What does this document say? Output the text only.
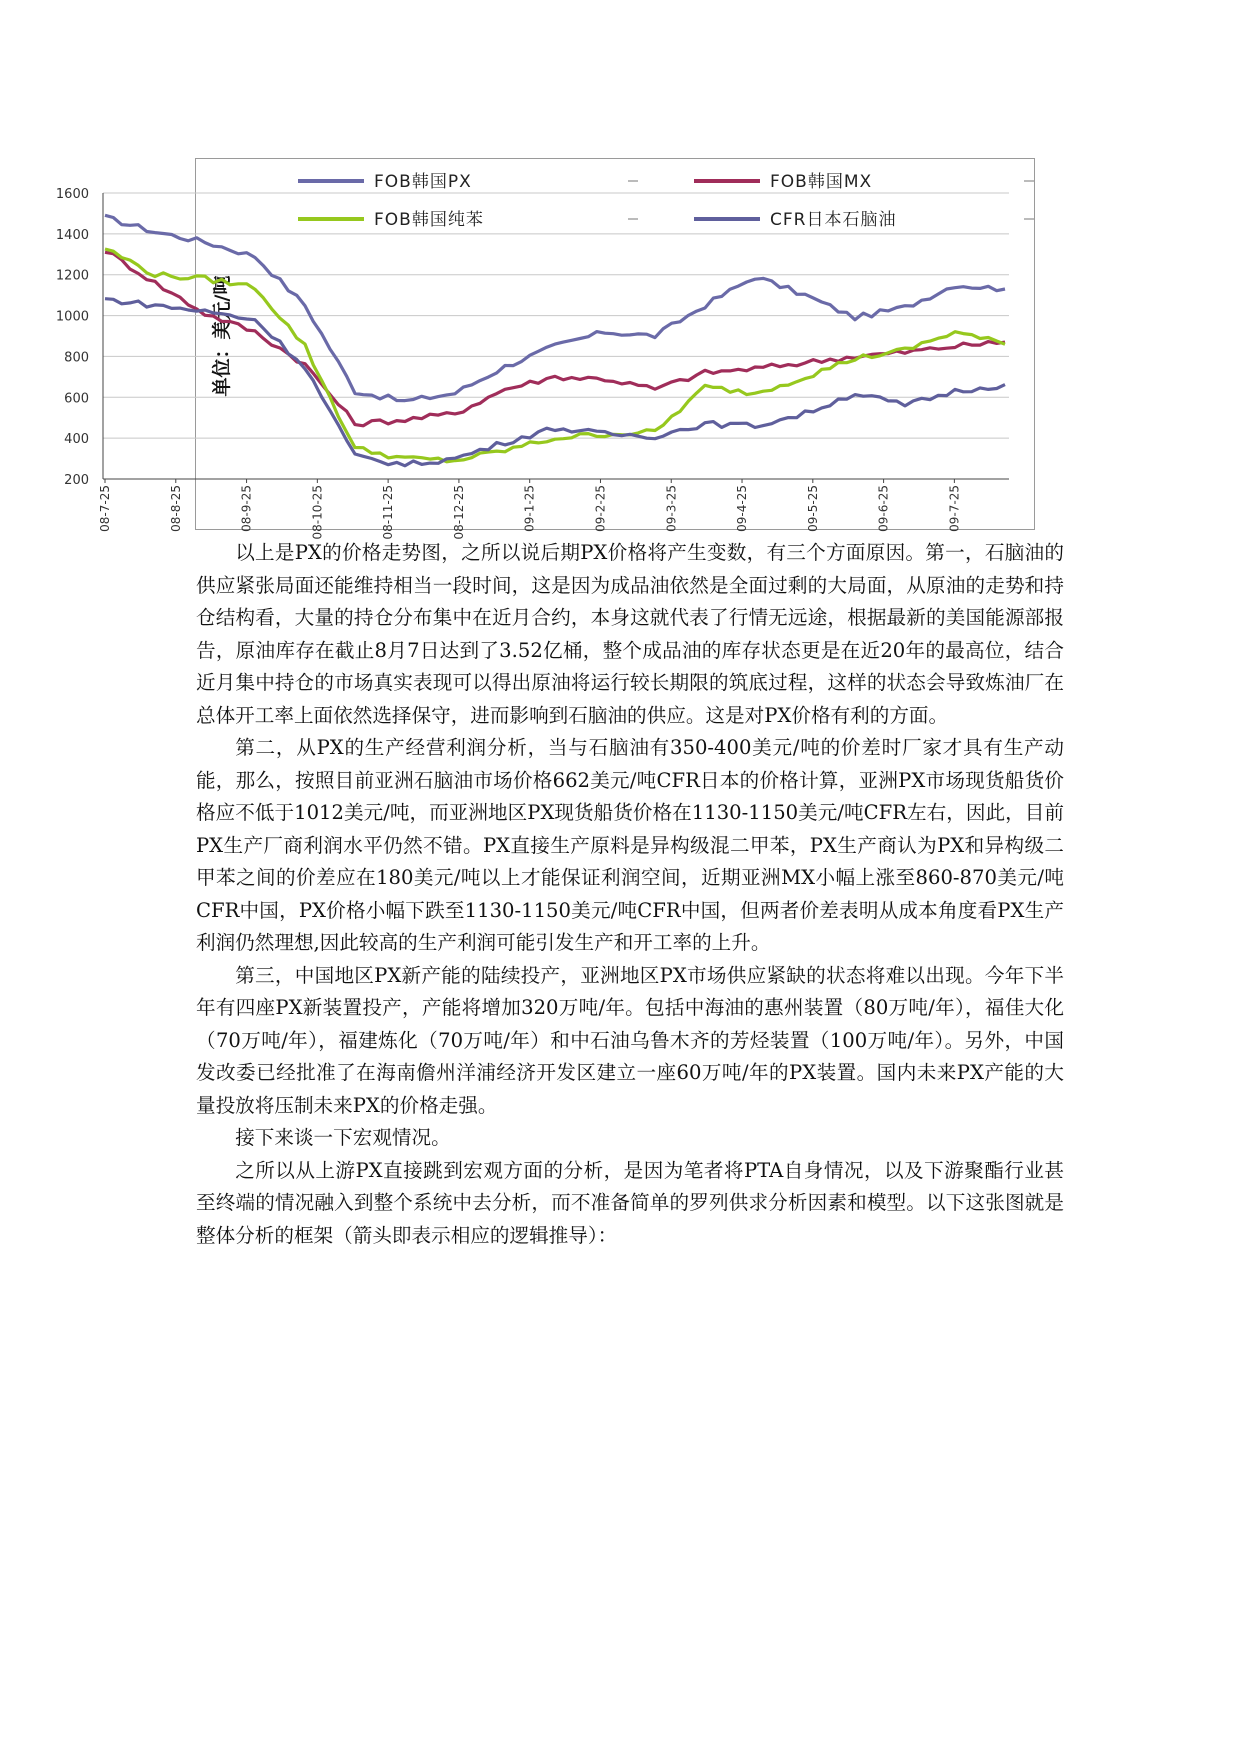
200
400
600
800
1000
1200
1400
1600
08-7-25	08-8-25	08-9-25	08-10-25	08-11-25	08-12-25	09-1-25	09-2-25	09-3-25	09-4-25	09-5-25	09-6-25	09-7-25
单位：美元/吨
FOB韩国PX	FOB韩国MX
FOB韩国纯苯	CFR日本石脑油

以上是PX的价格走势图，之所以说后期PX价格将产生变数，有三个方面原因。第一，石脑油的供应紧张局面还能维持相当一段时间，这是因为成品油依然是全面过剩的大局面，从原油的走势和持仓结构看，大量的持仓分布集中在近月合约，本身这就代表了行情无远途，根据最新的美国能源部报告，原油库存在截止8月7日达到了3.52亿桶，整个成品油的库存状态更是在近20年的最高位，结合近月集中持仓的市场真实表现可以得出原油将运行较长期限的筑底过程，这样的状态会导致炼油厂在总体开工率上面依然选择保守，进而影响到石脑油的供应。这是对PX价格有利的方面。

第二，从PX的生产经营利润分析，当与石脑油有350-400美元/吨的价差时厂家才具有生产动能，那么，按照目前亚洲石脑油市场价格662美元/吨CFR日本的价格计算，亚洲PX市场现货船货价格应不低于1012美元/吨，而亚洲地区PX现货船货价格在1130-1150美元/吨CFR左右，因此，目前PX生产厂商利润水平仍然不错。PX直接生产原料是异构级混二甲苯，PX生产商认为PX和异构级二甲苯之间的价差应在180美元/吨以上才能保证利润空间，近期亚洲MX小幅上涨至860-870美元/吨CFR中国，PX价格小幅下跌至1130-1150美元/吨CFR中国，但两者价差表明从成本角度看PX生产利润仍然理想,因此较高的生产利润可能引发生产和开工率的上升。

第三，中国地区PX新产能的陆续投产，亚洲地区PX市场供应紧缺的状态将难以出现。今年下半年有四座PX新装置投产，产能将增加320万吨/年。包括中海油的惠州装置（80万吨/年），福佳大化（70万吨/年），福建炼化（70万吨/年）和中石油乌鲁木齐的芳烃装置（100万吨/年）。另外，中国发改委已经批准了在海南儋州洋浦经济开发区建立一座60万吨/年的PX装置。国内未来PX产能的大量投放将压制未来PX的价格走强。

接下来谈一下宏观情况。

之所以从上游PX直接跳到宏观方面的分析，是因为笔者将PTA自身情况，以及下游聚酯行业甚至终端的情况融入到整个系统中去分析，而不准备简单的罗列供求分析因素和模型。以下这张图就是整体分析的框架（箭头即表示相应的逻辑推导）：
